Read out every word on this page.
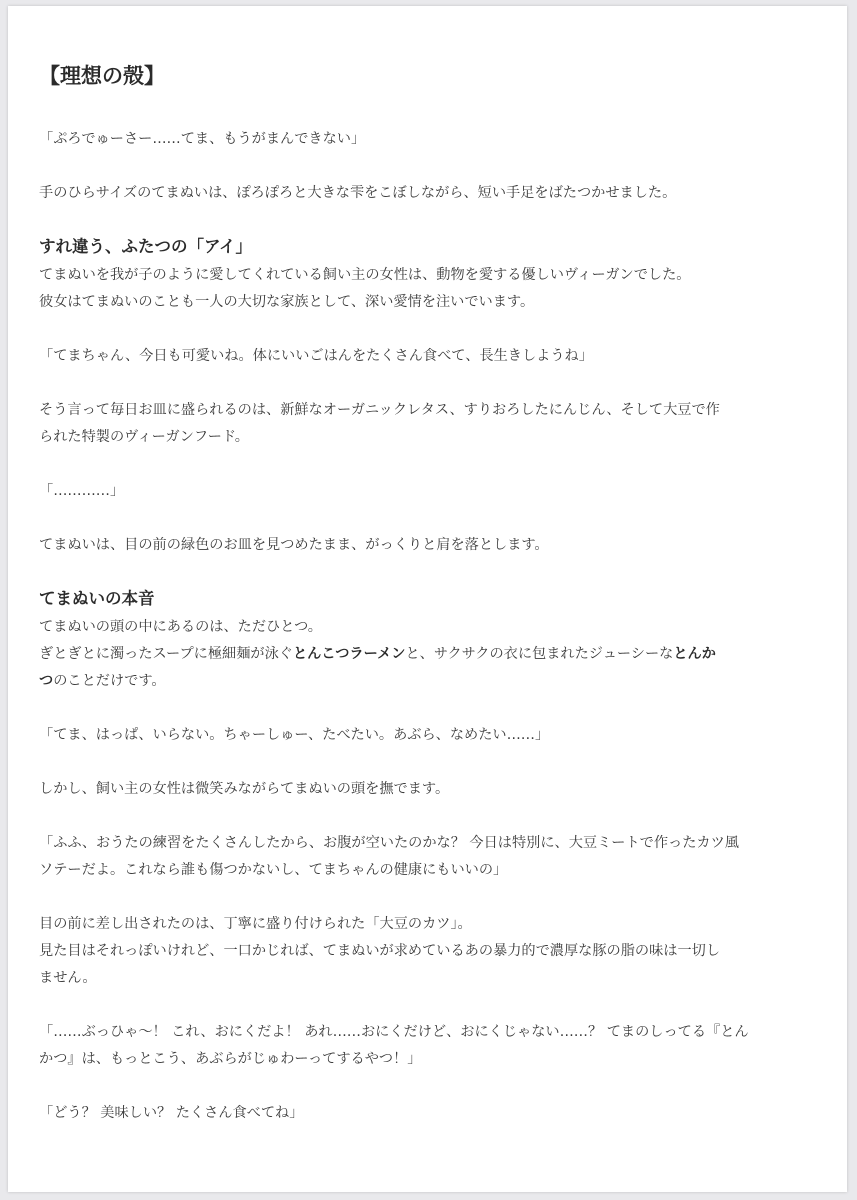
【理想の殻】

「ぷろでゅーさー……てま、もうがまんできない」

手のひらサイズのてまぬいは、ぽろぽろと大きな雫をこぼしながら、短い手足をばたつかせました。

すれ違う、ふたつの「アイ」

てまぬいを我が子のように愛してくれている飼い主の女性は、動物を愛する優しいヴィーガンでした。
彼女はてまぬいのことも一人の大切な家族として、深い愛情を注いでいます。

「てまちゃん、今日も可愛いね。体にいいごはんをたくさん食べて、長生きしようね」

そう言って毎日お皿に盛られるのは、新鮮なオーガニックレタス、すりおろしたにんじん、そして大豆で作
られた特製のヴィーガンフード。

「…………」

てまぬいは、目の前の緑色のお皿を見つめたまま、がっくりと肩を落とします。

てまぬいの本音

てまぬいの頭の中にあるのは、ただひとつ。
ぎとぎとに濁ったスープに極細麺が泳ぐとんこつラーメンと、サクサクの衣に包まれたジューシーなとんか
つのことだけです。

「てま、はっぱ、いらない。ちゃーしゅー、たべたい。あぶら、なめたい……」

しかし、飼い主の女性は微笑みながらてまぬいの頭を撫でます。

「ふふ、おうたの練習をたくさんしたから、お腹が空いたのかな？ 今日は特別に、大豆ミートで作ったカツ風
ソテーだよ。これなら誰も傷つかないし、てまちゃんの健康にもいいの」

目の前に差し出されたのは、丁寧に盛り付けられた「大豆のカツ」。
見た目はそれっぽいけれど、一口かじれば、てまぬいが求めているあの暴力的で濃厚な豚の脂の味は一切し
ません。

「……ぶっひゃ〜！ これ、おにくだよ！ あれ……おにくだけど、おにくじゃない……？ てまのしってる『とん
かつ』は、もっとこう、あぶらがじゅわーってするやつ！」

「どう？ 美味しい？ たくさん食べてね」
